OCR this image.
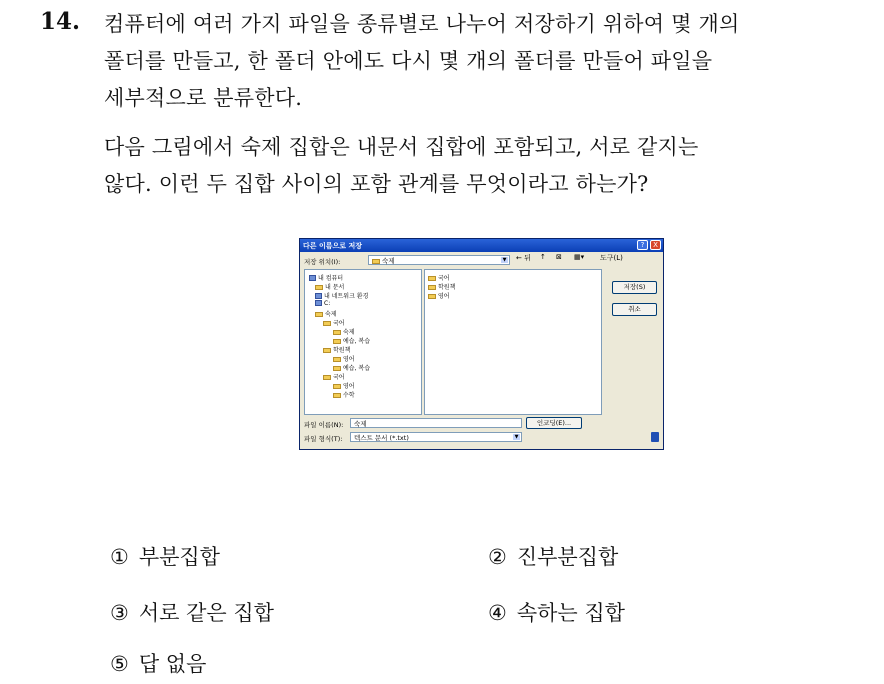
14. 컴퓨터에 여러 가지 파일을 종류별로 나누어 저장하기 위하여 몇 개의
폴더를 만들고, 한 폴더 안에도 다시 몇 개의 폴더를 만들어 파일을
세부적으로 분류한다.
다음 그림에서 숙제 집합은 내문서 집합에 포함되고, 서로 같지는
않다. 이런 두 집합 사이의 포함 관계를 무엇이라고 하는가?
다른 이름으로 저장	?	X
저장 위치(I):	숙제	▼ ← 뒤 ↑ ⊠ ▦▾ 도구(L)
내 컴퓨터
내 문서
내 네트워크 환경
C:
숙제
국어
숙제
예습, 복습
학원책
영어
예습, 복습
국어
영어
수학
국어
학원책
영어
저장(S)
취소
파일 이름(N): 숙제	인코딩(E)...
파일 형식(T): 텍스트 문서 (*.txt)	▼
① 부분집합	② 진부분집합
③ 서로 같은 집합	④ 속하는 집합
⑤ 답 없음
